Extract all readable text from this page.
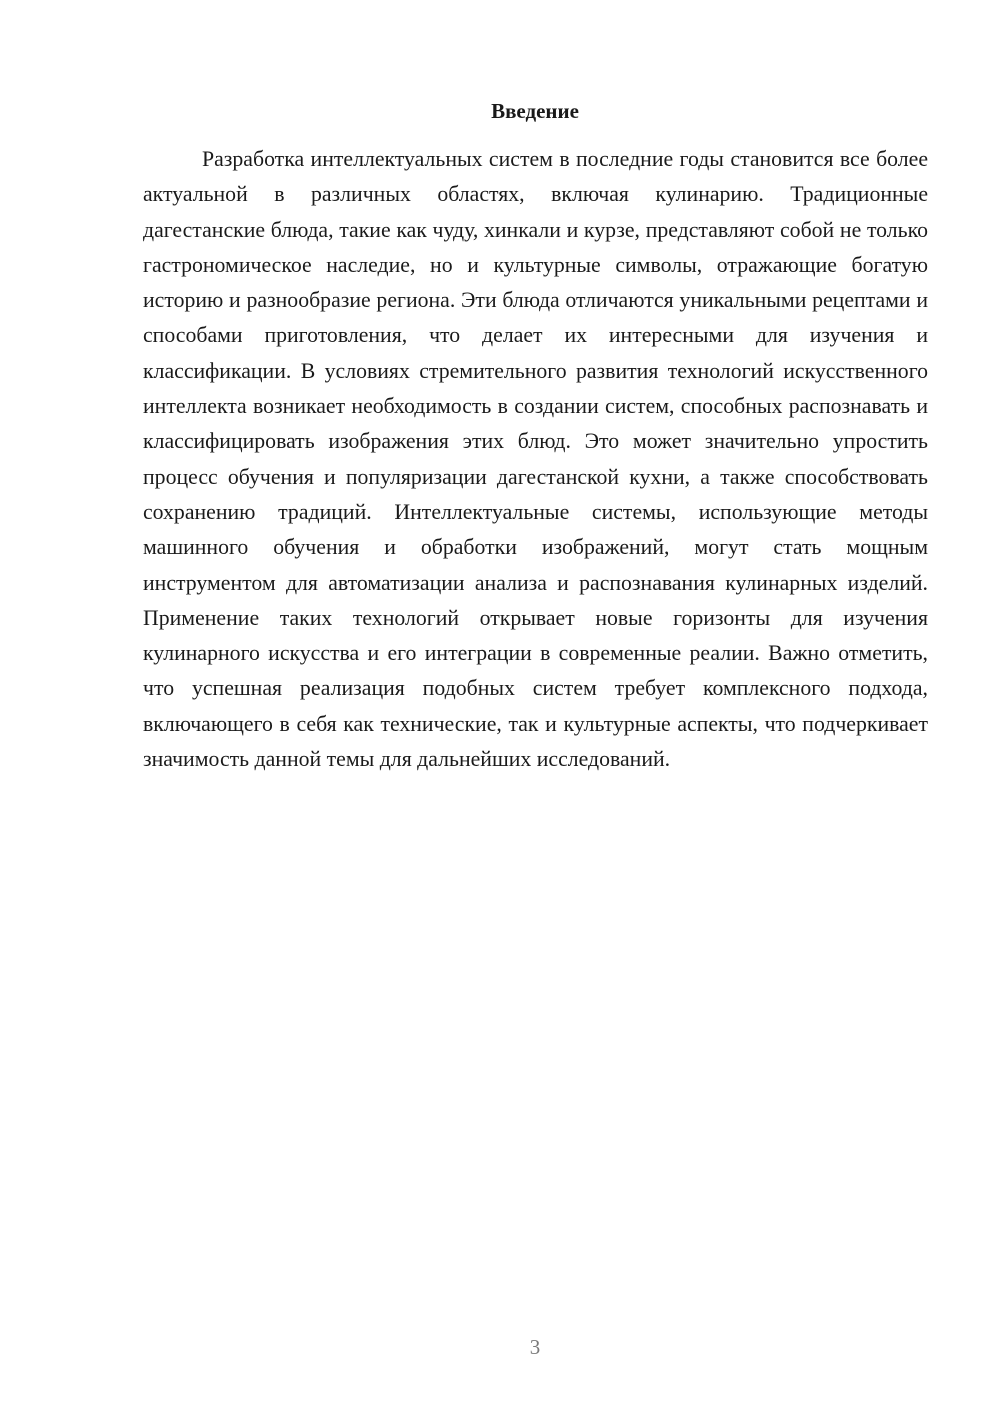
Введение

Разработка интеллектуальных систем в последние годы становится все более актуальной в различных областях, включая кулинарию. Традиционные дагестанские блюда, такие как чуду, хинкали и курзе, представляют собой не только гастрономическое наследие, но и культурные символы, отражающие богатую историю и разнообразие региона. Эти блюда отличаются уникальными рецептами и способами приготовления, что делает их интересными для изучения и классификации. В условиях стремительного развития технологий искусственного интеллекта возникает необходимость в создании систем, способных распознавать и классифицировать изображения этих блюд. Это может значительно упростить процесс обучения и популяризации дагестанской кухни, а также способствовать сохранению традиций. Интеллектуальные системы, использующие методы машинного обучения и обработки изображений, могут стать мощным инструментом для автоматизации анализа и распознавания кулинарных изделий. Применение таких технологий открывает новые горизонты для изучения кулинарного искусства и его интеграции в современные реалии. Важно отметить, что успешная реализация подобных систем требует комплексного подхода, включающего в себя как технические, так и культурные аспекты, что подчеркивает значимость данной темы для дальнейших исследований.

3
